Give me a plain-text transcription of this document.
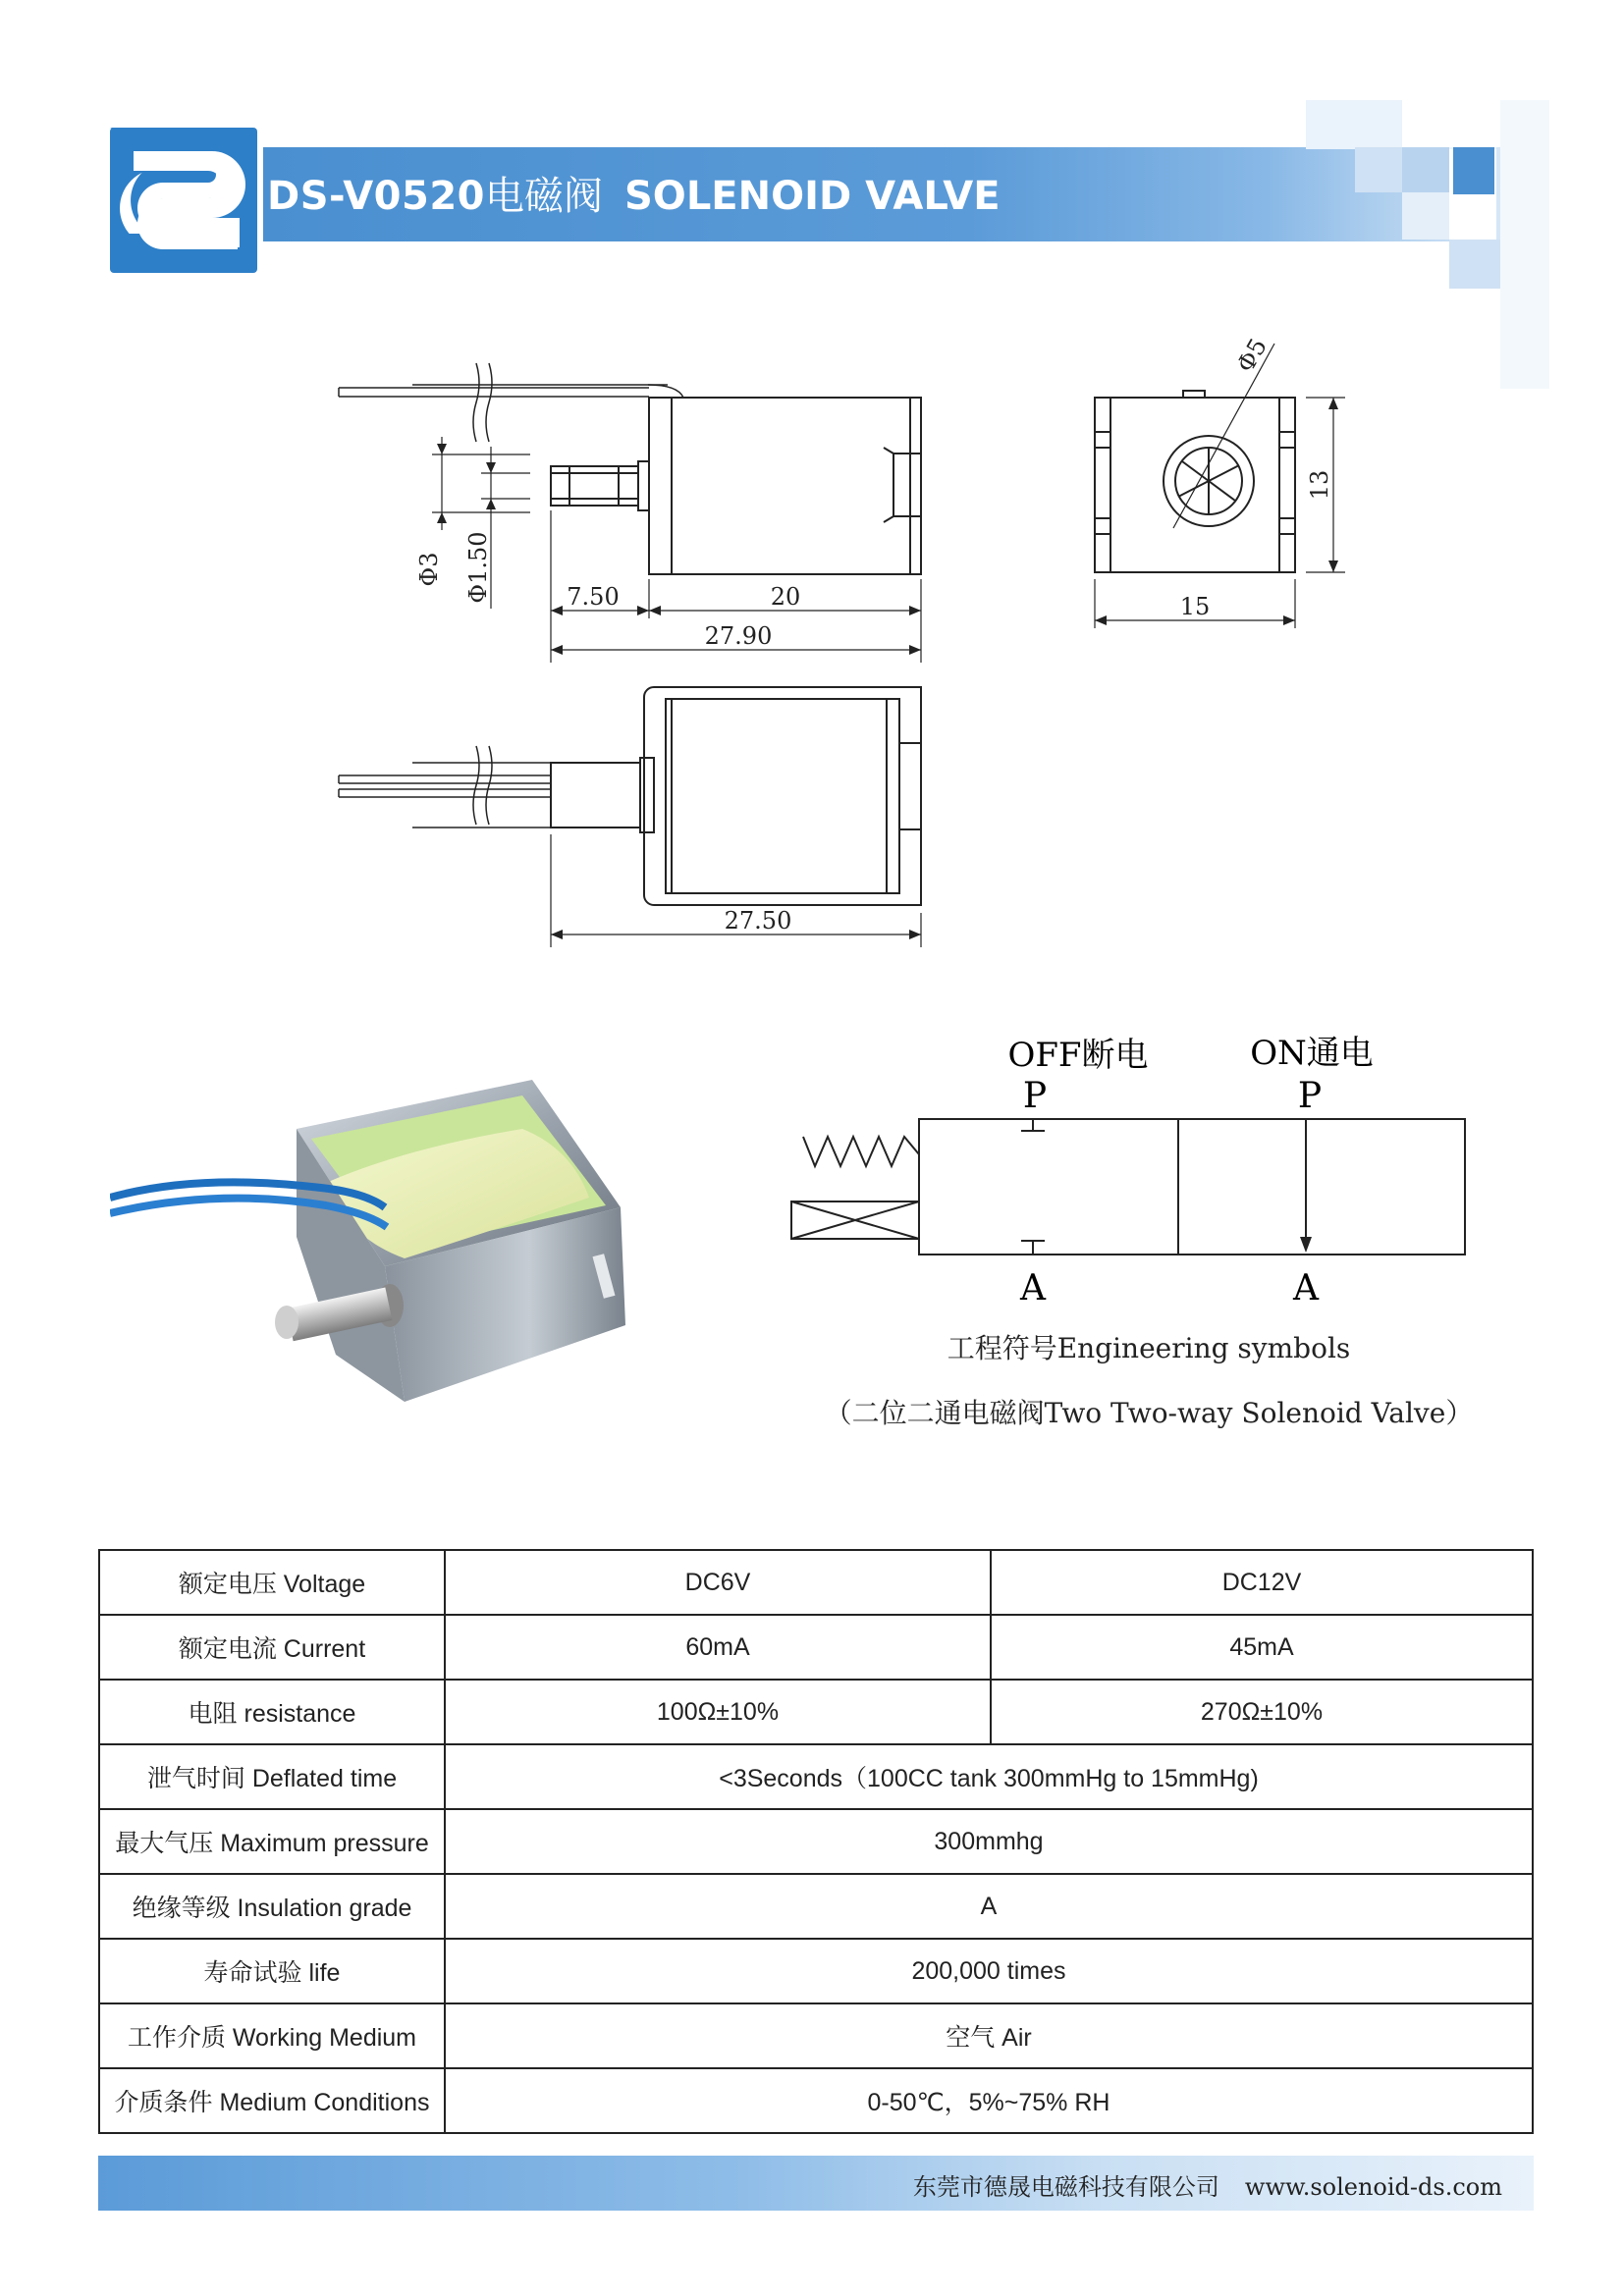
DS-V0520电磁阀 SOLENOID VALVE
Φ3 Φ1.50	7.50	20
27.90
Φ5
13
15
27.50
OFF断电	ON通电
P	P
A	A
工程符号Engineering symbols
（二位二通电磁阀Two Two-way Solenoid Valve）
额定电压 Voltage	DC6V	DC12V
额定电流 Current	60mA	45mA
电阻 resistance	100Ω±10%	270Ω±10%
泄气时间 Deflated time	<3Seconds（100CC tank 300mmHg to 15mmHg)	
最大气压 Maximum pressure	300mmhg	
绝缘等级 Insulation grade	A	
寿命试验 life	200,000 times	
工作介质 Working Medium	空气 Air	
介质条件 Medium Conditions	0-50℃，5%~75% RH	
东莞市德晟电磁科技有限公司 www.solenoid-ds.com
